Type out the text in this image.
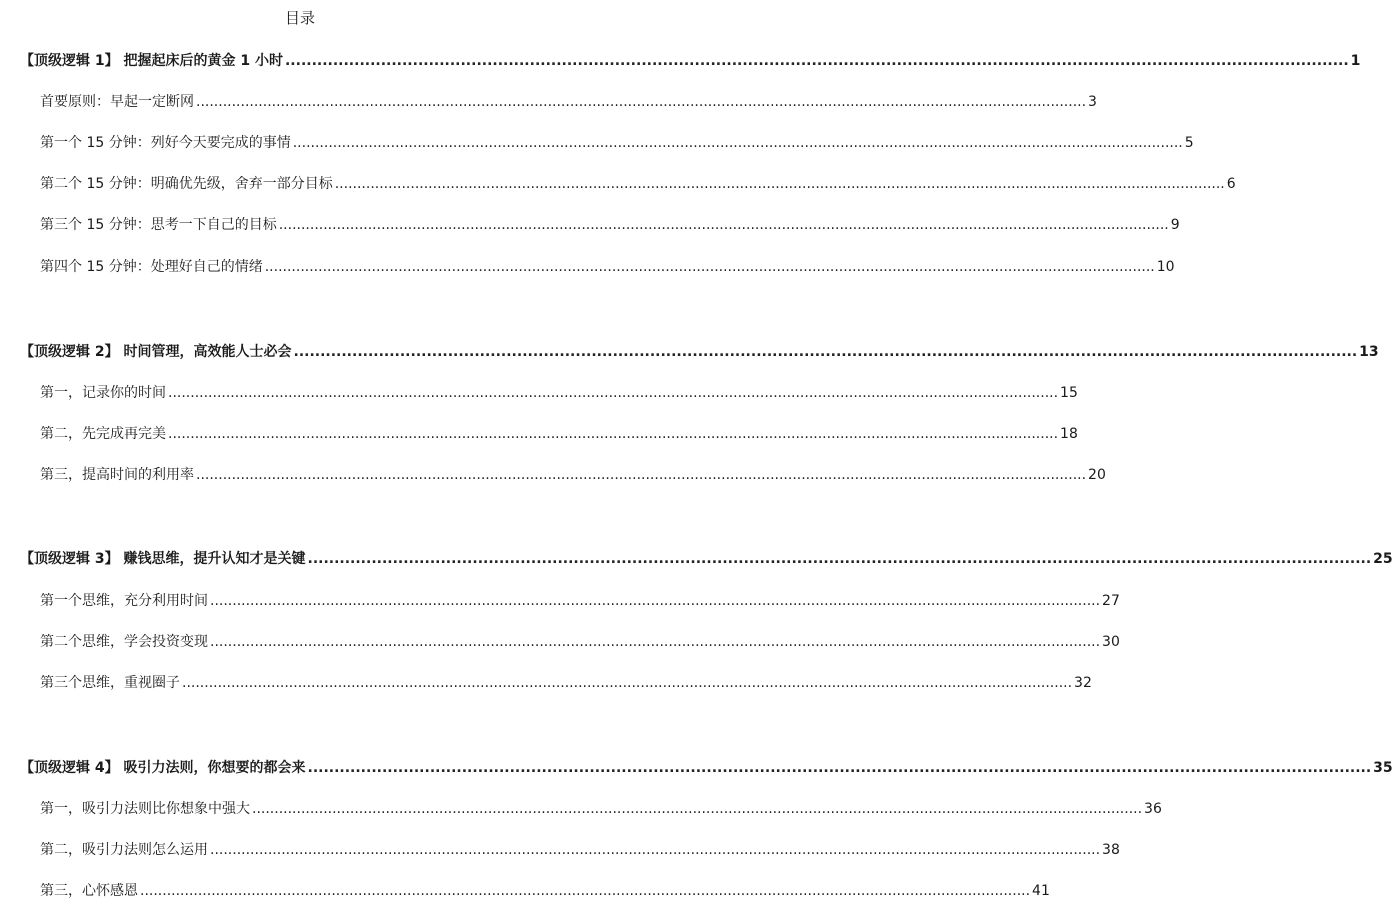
目录
【顶级逻辑 1】 把握起床后的黄金 1 小时 ........................................................................................................................................................................................................ 1
首要原则：早起一定断网 ........................................................................................................................................................................................................ 3
第一个 15 分钟：列好今天要完成的事情 ........................................................................................................................................................................................................ 5
第二个 15 分钟：明确优先级，舍弃一部分目标 ........................................................................................................................................................................................................ 6
第三个 15 分钟：思考一下自己的目标 ........................................................................................................................................................................................................ 9
第四个 15 分钟：处理好自己的情绪 ........................................................................................................................................................................................................ 10
【顶级逻辑 2】 时间管理，高效能人士必会 ........................................................................................................................................................................................................ 13
第一，记录你的时间 ........................................................................................................................................................................................................ 15
第二，先完成再完美 ........................................................................................................................................................................................................ 18
第三，提高时间的利用率 ........................................................................................................................................................................................................ 20
【顶级逻辑 3】 赚钱思维，提升认知才是关键 ........................................................................................................................................................................................................ 25
第一个思维，充分利用时间 ........................................................................................................................................................................................................ 27
第二个思维，学会投资变现 ........................................................................................................................................................................................................ 30
第三个思维，重视圈子 ........................................................................................................................................................................................................ 32
【顶级逻辑 4】 吸引力法则，你想要的都会来 ........................................................................................................................................................................................................ 35
第一，吸引力法则比你想象中强大 ........................................................................................................................................................................................................ 36
第二，吸引力法则怎么运用 ........................................................................................................................................................................................................ 38
第三，心怀感恩 ........................................................................................................................................................................................................ 41
